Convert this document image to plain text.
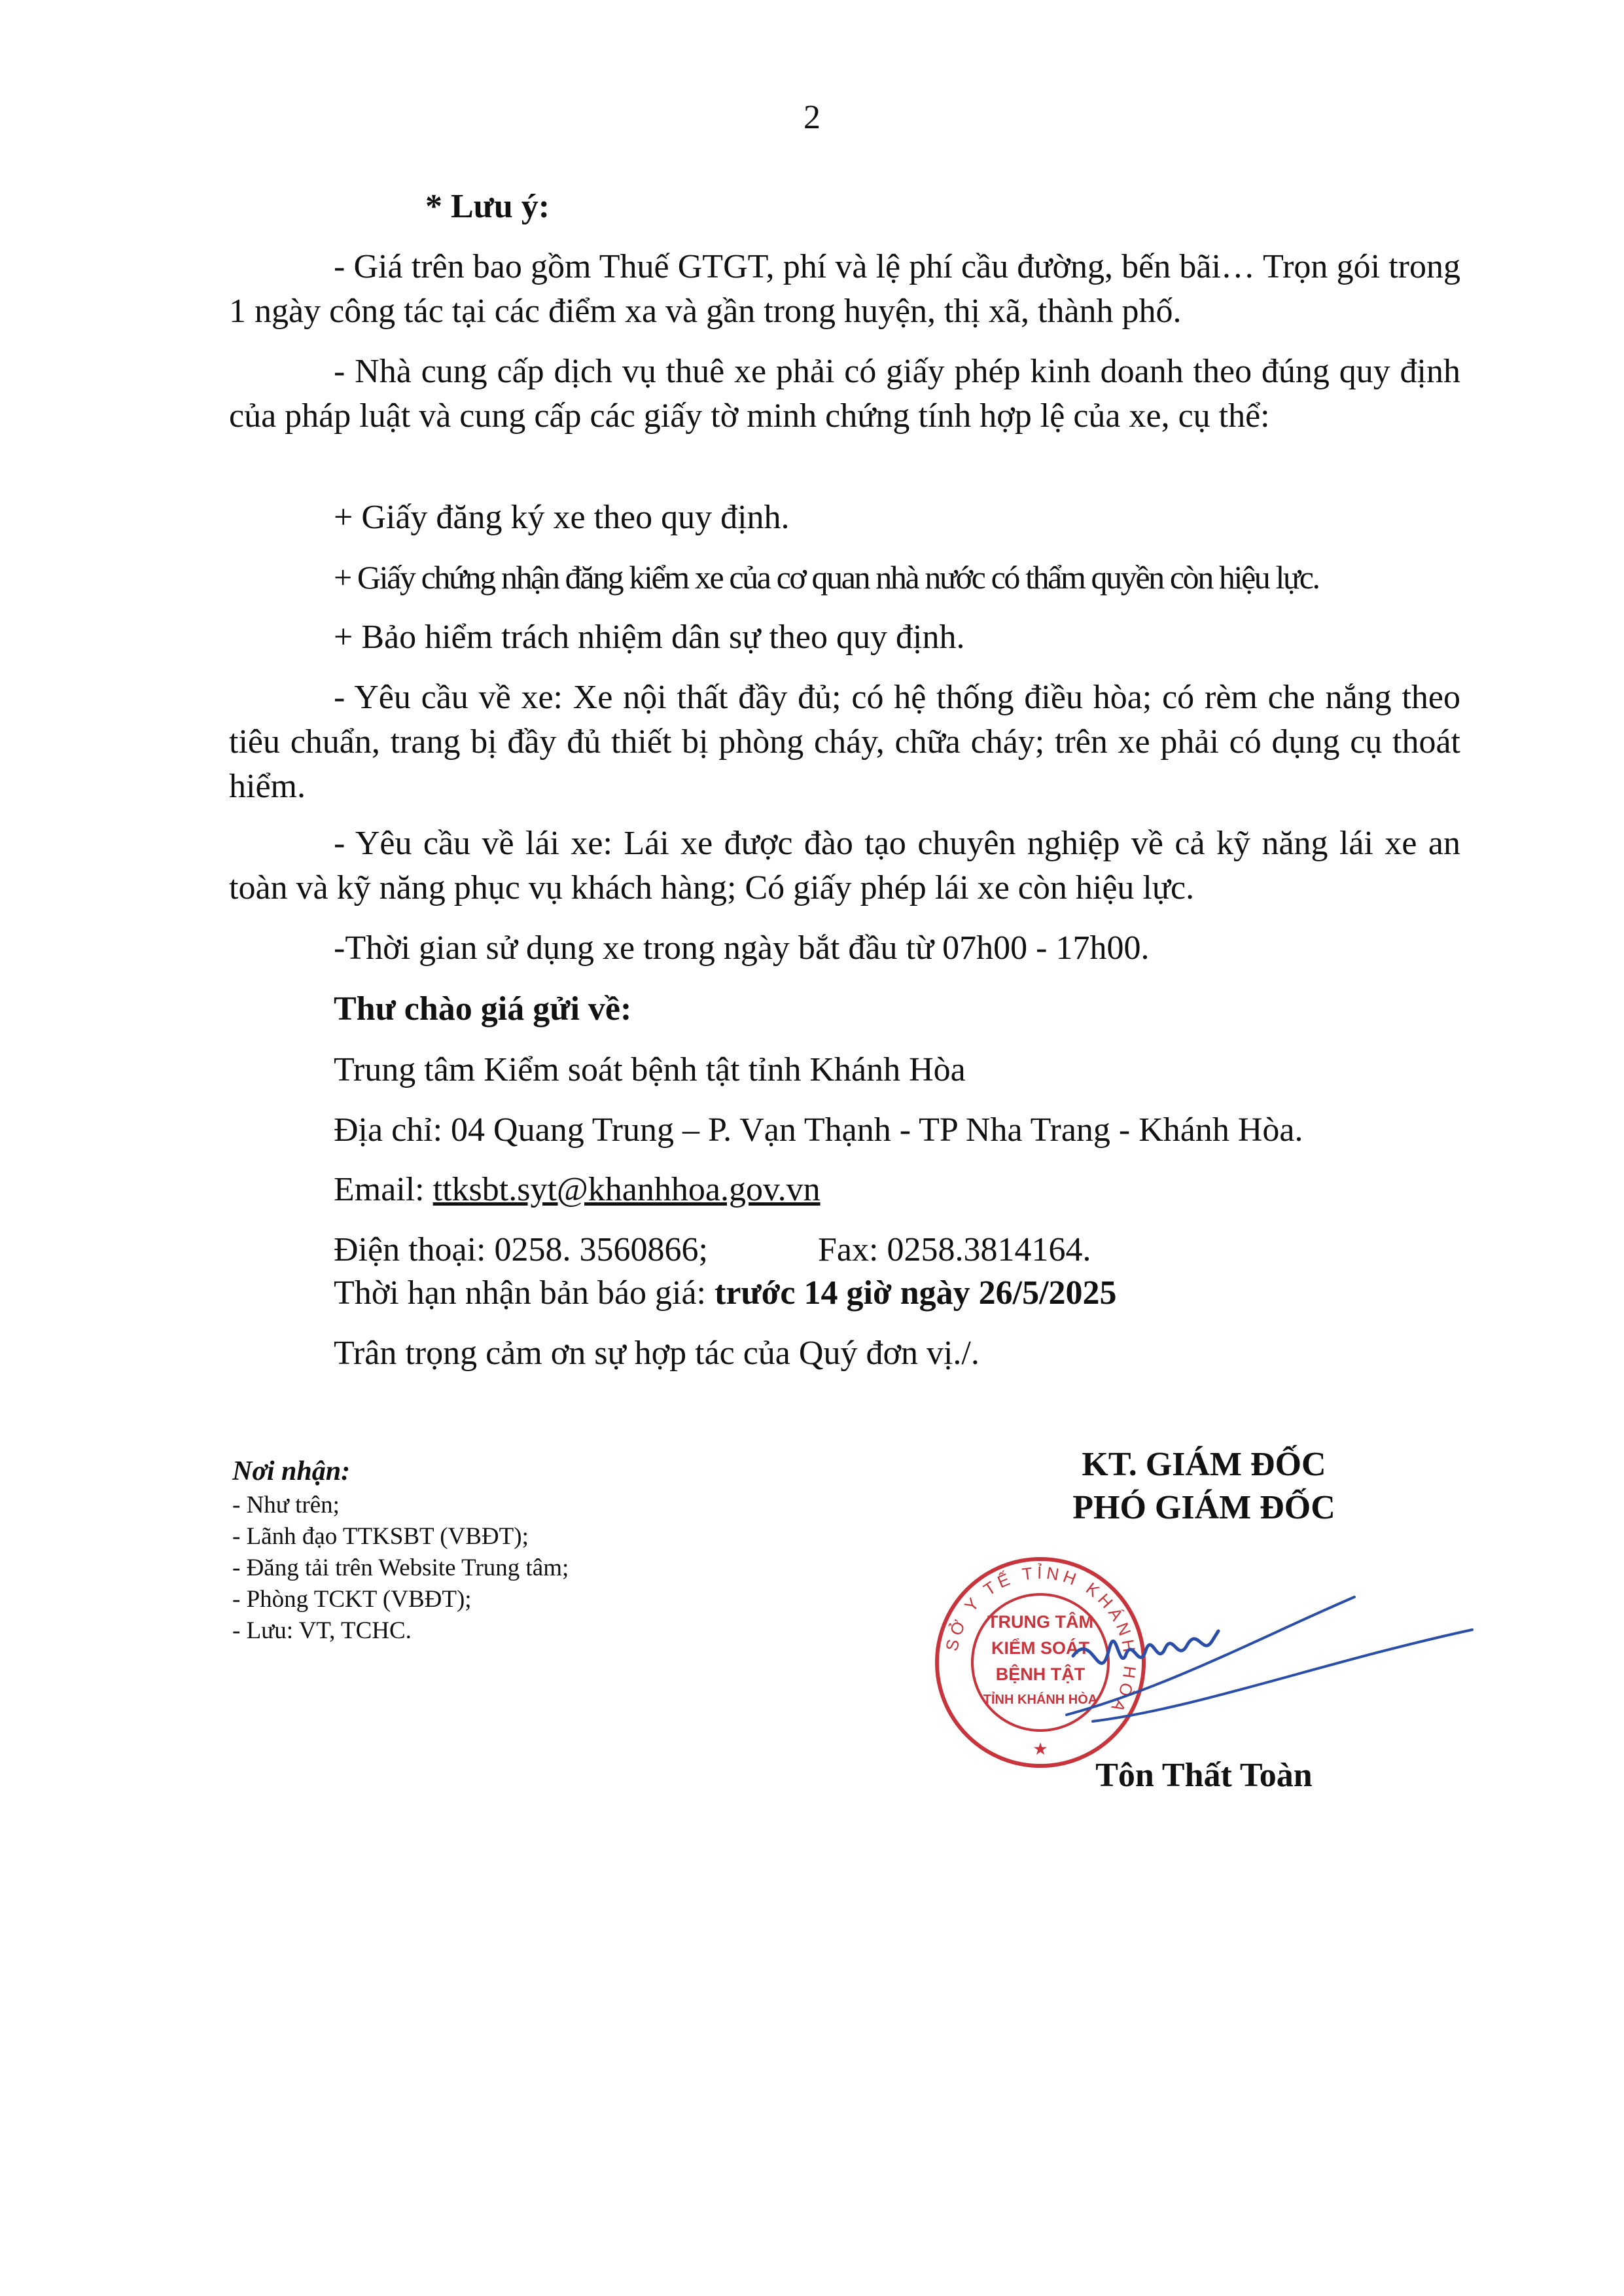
2
* Lưu ý:
- Giá trên bao gồm Thuế GTGT, phí và lệ phí cầu đường, bến bãi… Trọn gói trong 1 ngày công tác tại các điểm xa và gần trong huyện, thị xã, thành phố.
- Nhà cung cấp dịch vụ thuê xe phải có giấy phép kinh doanh theo đúng quy định của pháp luật và cung cấp các giấy tờ minh chứng tính hợp lệ của xe, cụ thể:
+ Giấy đăng ký xe theo quy định.
+ Giấy chứng nhận đăng kiểm xe của cơ quan nhà nước có thẩm quyền còn hiệu lực.
+ Bảo hiểm trách nhiệm dân sự theo quy định.
- Yêu cầu về xe: Xe nội thất đầy đủ; có hệ thống điều hòa; có rèm che nắng theo tiêu chuẩn, trang bị đầy đủ thiết bị phòng cháy, chữa cháy; trên xe phải có dụng cụ thoát hiểm.
- Yêu cầu về lái xe: Lái xe được đào tạo chuyên nghiệp về cả kỹ năng lái xe an toàn và kỹ năng phục vụ khách hàng; Có giấy phép lái xe còn hiệu lực.
-Thời gian sử dụng xe trong ngày bắt đầu từ 07h00 - 17h00.
Thư chào giá gửi về:
Trung tâm Kiểm soát bệnh tật tỉnh Khánh Hòa
Địa chỉ: 04 Quang Trung – P. Vạn Thạnh - TP Nha Trang - Khánh Hòa.
Email: ttksbt.syt@khanhhoa.gov.vn
Điện thoại: 0258. 3560866;	Fax: 0258.3814164.
Thời hạn nhận bản báo giá: trước 14 giờ ngày 26/5/2025
Trân trọng cảm ơn sự hợp tác của Quý đơn vị./.
Nơi nhận:
- Như trên;
- Lãnh đạo TTKSBT (VBĐT);
- Đăng tải trên Website Trung tâm;
- Phòng TCKT (VBĐT);
- Lưu: VT, TCHC.
KT. GIÁM ĐỐC
PHÓ GIÁM ĐỐC
SỞ Y TẾ TỈNH KHÁNH HÒA
TRUNG TÂM
KIỂM SOÁT
BỆNH TẬT
TỈNH KHÁNH HÒA
★
Tôn Thất Toàn
